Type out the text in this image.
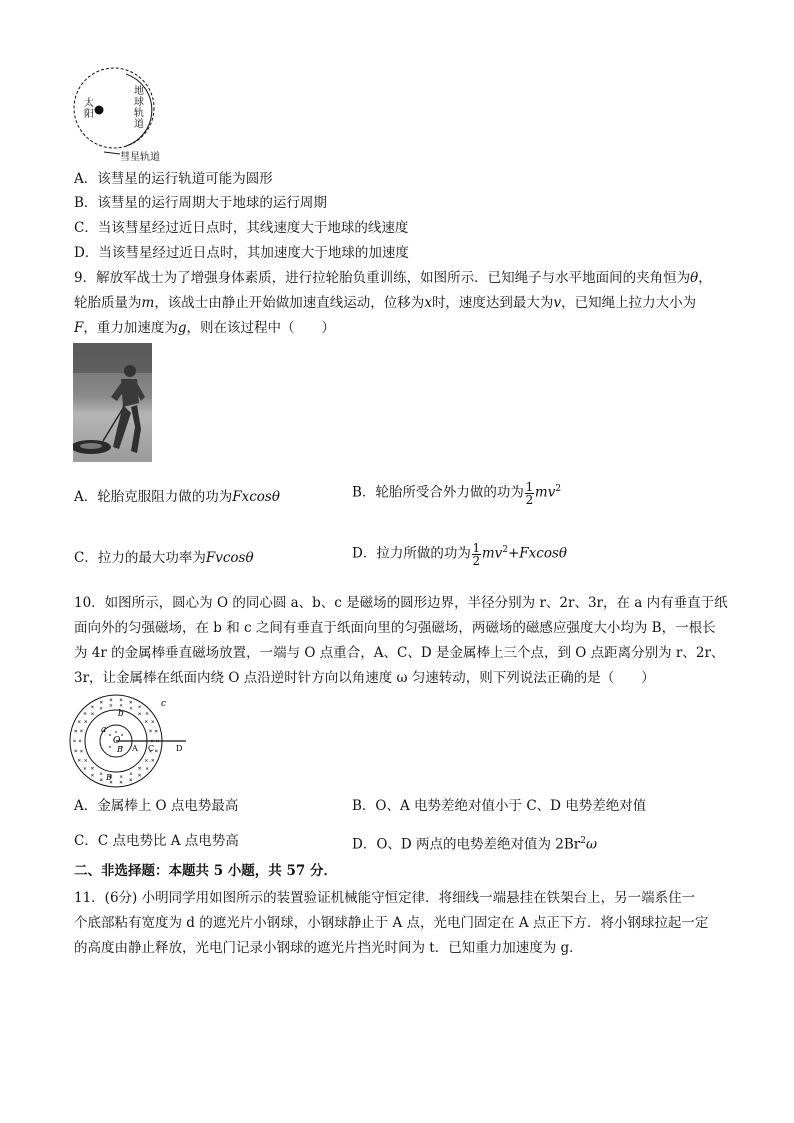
太
阳
地
球
轨
道
彗星轨道
A．该彗星的运行轨道可能为圆形
B．该彗星的运行周期大于地球的运行周期
C．当该彗星经过近日点时，其线速度大于地球的线速度
D．当该彗星经过近日点时，其加速度大于地球的加速度
9．解放军战士为了增强身体素质，进行拉轮胎负重训练，如图所示．已知绳子与水平地面间的夹角恒为θ，
轮胎质量为m，该战士由静止开始做加速直线运动，位移为x时，速度达到最大为v，已知绳上拉力大小为
F，重力加速度为g，则在该过程中（　　）
A．轮胎克服阻力做的功为Fxcosθ	B．轮胎所受合外力做的功为 $\frac{1}{2} mv^2$
C．拉力的最大功率为Fvcosθ	D．拉力所做的功为 $\frac{1}{2} mv^2+Fxcos\theta$
10．如图所示，圆心为 O 的同心圆 a、b、c 是磁场的圆形边界，半径分别为 r、2r、3r，在 a 内有垂直于纸
面向外的匀强磁场，在 b 和 c 之间有垂直于纸面向里的匀强磁场，两磁场的磁感应强度大小均为 B，一根长
为 4r 的金属棒垂直磁场放置，一端与 O 点重合，A、C、D 是金属棒上三个点，到 O 点距离分别为 r、2r、
3r，让金属棒在纸面内绕 O 点沿逆时针方向以角速度 ω 匀速转动，则下列说法正确的是（　　）
c
b
a
O
A C	D
B
B
A．金属棒上 O 点电势最高	B．O、A 电势差绝对值小于 C、D 电势差绝对值
C．C 点电势比 A 点电势高	D．O、D 两点的电势差绝对值为 2Br$^2$ω
二、非选择题：本题共 5 小题，共 57 分．
11．(6分) 小明同学用如图所示的装置验证机械能守恒定律．将细线一端悬挂在铁架台上，另一端系住一
个底部粘有宽度为 d 的遮光片小钢球，小钢球静止于 A 点，光电门固定在 A 点正下方．将小钢球拉起一定
的高度由静止释放，光电门记录小钢球的遮光片挡光时间为 t．已知重力加速度为 g．
